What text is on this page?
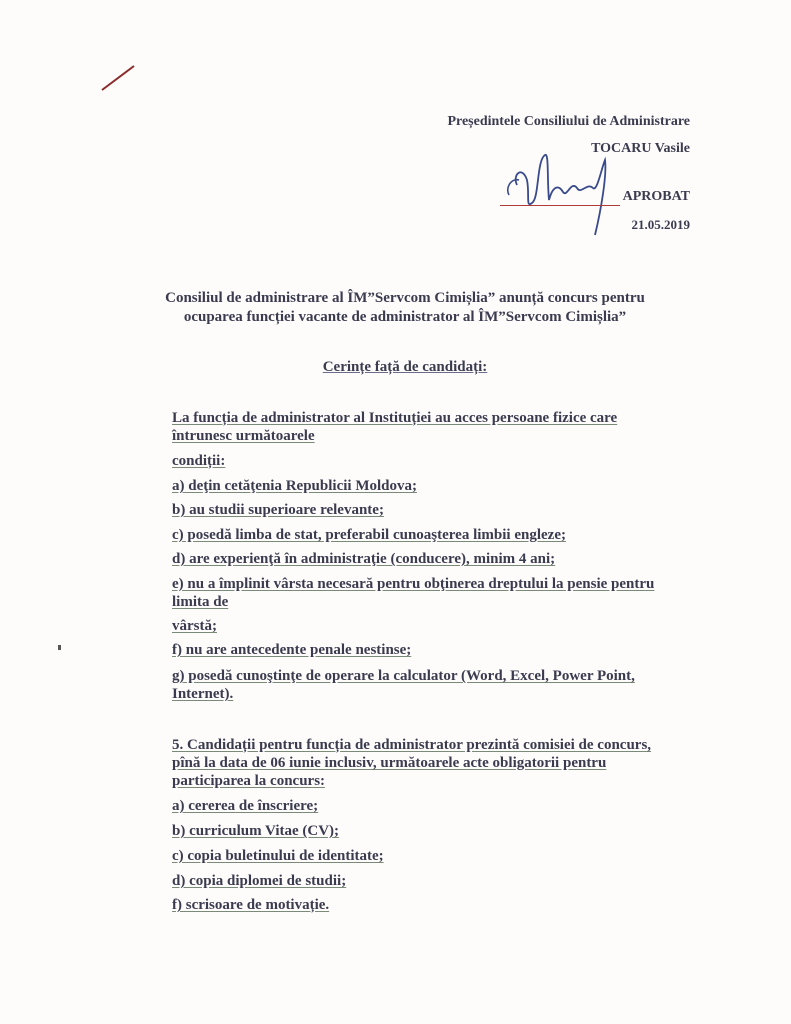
Președintele Consiliului de Administrare
TOCARU Vasile
APROBAT
21.05.2019
Consiliul de administrare al ÎM”Servcom Cimișlia” anunță concurs pentru
ocuparea funcției vacante de administrator al ÎM”Servcom Cimișlia”
Cerințe față de candidați:
La funcția de administrator al Instituției au acces persoane fizice care
întrunesc următoarele
condiții:
a) deţin cetăţenia Republicii Moldova;
b) au studii superioare relevante;
c) posedă limba de stat, preferabil cunoaşterea limbii engleze;
d) are experienţă în administraţie (conducere), minim 4 ani;
e) nu a împlinit vârsta necesară pentru obţinerea dreptului la pensie pentru
limita de
vârstă;
f) nu are antecedente penale nestinse;
g) posedă cunoştinţe de operare la calculator (Word, Excel, Power Point,
Internet).
5. Candidații pentru funcția de administrator prezintă comisiei de concurs,
pînă la data de 06 iunie inclusiv, următoarele acte obligatorii pentru
participarea la concurs:
a) cererea de înscriere;
b) curriculum Vitae (CV);
c) copia buletinului de identitate;
d) copia diplomei de studii;
f) scrisoare de motivație.
